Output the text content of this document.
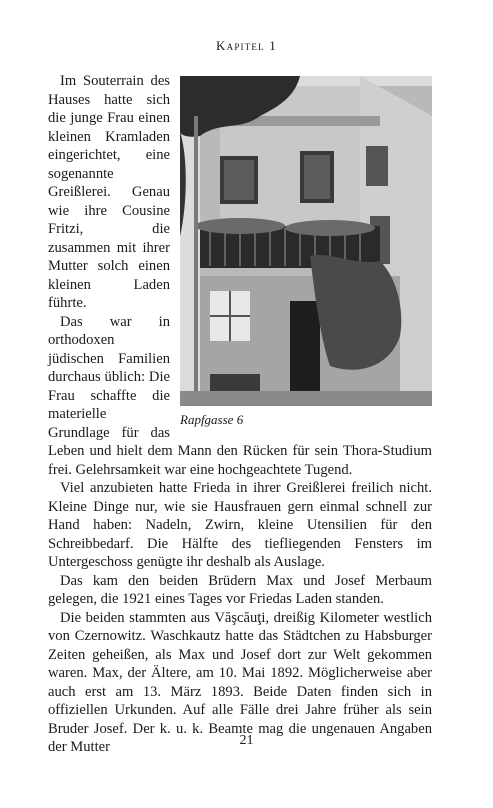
Kapitel 1
Rapfgasse 6

Im Souterrain des Hauses hatte sich die junge Frau einen kleinen Kramladen eingerichtet, eine sogenannte Greißlerei. Genau wie ihre Cousine Fritzi, die zusammen mit ihrer Mutter solch einen kleinen Laden führte.

Das war in orthodoxen jüdischen Familien durchaus üblich: Die Frau schaffte die materielle Grundlage für das Leben und hielt dem Mann den Rücken für sein Thora-Studium frei. Gelehrsamkeit war eine hochgeachtete Tugend.

Viel anzubieten hatte Frieda in ihrer Greißlerei freilich nicht. Kleine Dinge nur, wie sie Hausfrauen gern einmal schnell zur Hand haben: Nadeln, Zwirn, kleine Utensilien für den Schreibbedarf. Die Hälfte des tiefliegenden Fensters im Untergeschoss genügte ihr deshalb als Auslage.

Das kam den beiden Brüdern Max und Josef Merbaum gelegen, die 1921 eines Tages vor Friedas Laden standen.

Die beiden stammten aus Văşcăuţi, dreißig Kilometer westlich von Czernowitz. Waschkautz hatte das Städtchen zu Habsburger Zeiten geheißen, als Max und Josef dort zur Welt gekommen waren. Max, der Ältere, am 10. Mai 1892. Möglicherweise aber auch erst am 13. März 1893. Beide Daten finden sich in offiziellen Urkunden. Auf alle Fälle drei Jahre früher als sein Bruder Josef. Der k. u. k. Beamte mag die ungenauen Angaben der Mutter	21
